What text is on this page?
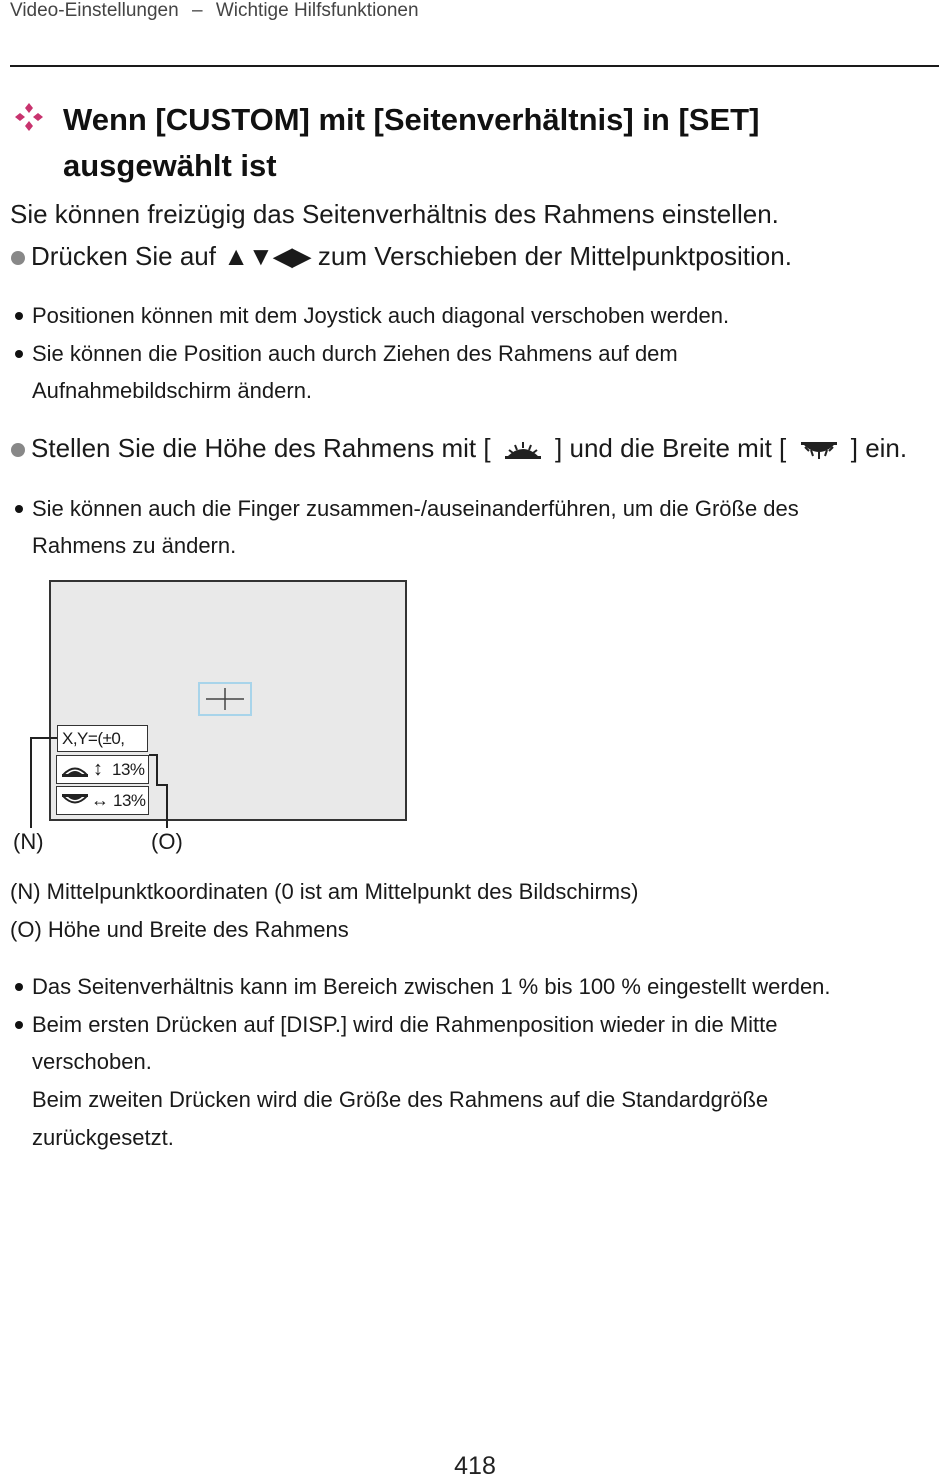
Video-Einstellungen – Wichtige Hilfsfunktionen
Wenn [CUSTOM] mit [Seitenverhältnis] in [SET]
ausgewählt ist
Sie können freizügig das Seitenverhältnis des Rahmens einstellen.
Drücken Sie auf ▲▼◀▶ zum Verschieben der Mittelpunktposition.
Positionen können mit dem Joystick auch diagonal verschoben werden.
Sie können die Position auch durch Ziehen des Rahmens auf dem
Aufnahmebildschirm ändern.
Stellen Sie die Höhe des Rahmens mit [ ] und die Breite mit [ ] ein.
Sie können auch die Finger zusammen-/auseinanderführen, um die Größe des
Rahmens zu ändern.
X,Y=(±0,
↕ 13%
↔ 13%
(N)	(O)
(N) Mittelpunktkoordinaten (0 ist am Mittelpunkt des Bildschirms)
(O) Höhe und Breite des Rahmens
Das Seitenverhältnis kann im Bereich zwischen 1 % bis 100 % eingestellt werden.
Beim ersten Drücken auf [DISP.] wird die Rahmenposition wieder in die Mitte
verschoben.
Beim zweiten Drücken wird die Größe des Rahmens auf die Standardgröße
zurückgesetzt.
418
